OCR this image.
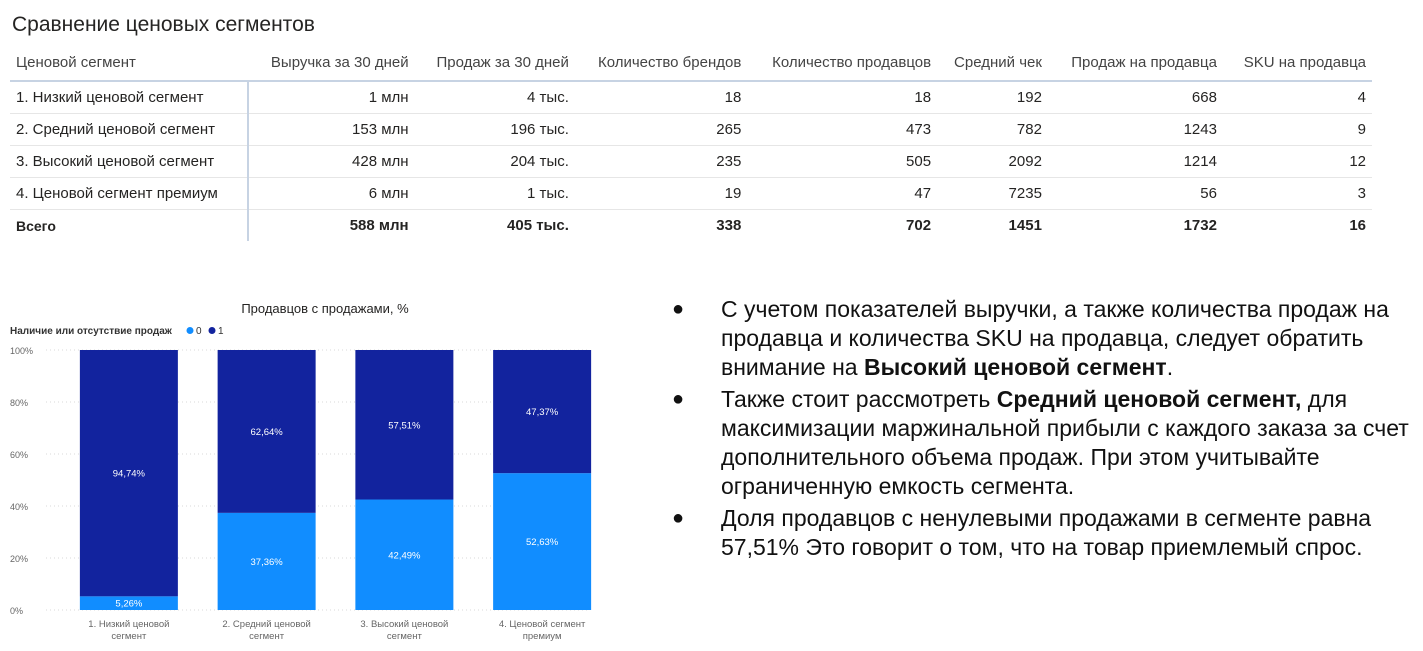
Сравнение ценовых сегментов
Ценовой сегмент	Выручка за 30 дней	Продаж за 30 дней	Количество брендов	Количество продавцов	Средний чек	Продаж на продавца	SKU на продавца
1. Низкий ценовой сегмент	1 млн	4 тыс.	18	18	192	668	4
2. Средний ценовой сегмент	153 млн	196 тыс.	265	473	782	1243	9
3. Высокий ценовой сегмент	428 млн	204 тыс.	235	505	2092	1214	12
4. Ценовой сегмент премиум	6 млн	1 тыс.	19	47	7235	56	3
Всего	588 млн	405 тыс.	338	702	1451	1732	16
Продавцов с продажами, %
Наличие или отсутствие продаж 0 1
0%
20%
40%
60%
80%
100%
5,26%
94,74%
1. Низкий ценовой
сегмент
37,36%
62,64%
2. Средний ценовой
сегмент
42,49%
57,51%
3. Высокий ценовой
сегмент
52,63%
47,37%
4. Ценовой сегмент
премиум
● С учетом показателей выручки, а также количества продаж на продавца и количества SKU на продавца, следует обратить внимание на Высокий ценовой сегмент.
● Также стоит рассмотреть Средний ценовой сегмент, для максимизации маржинальной прибыли с каждого заказа за счет дополнительного объема продаж. При этом учитывайте ограниченную емкость сегмента.
● Доля продавцов с ненулевыми продажами в сегменте равна 57,51% Это говорит о том, что на товар приемлемый спрос.
